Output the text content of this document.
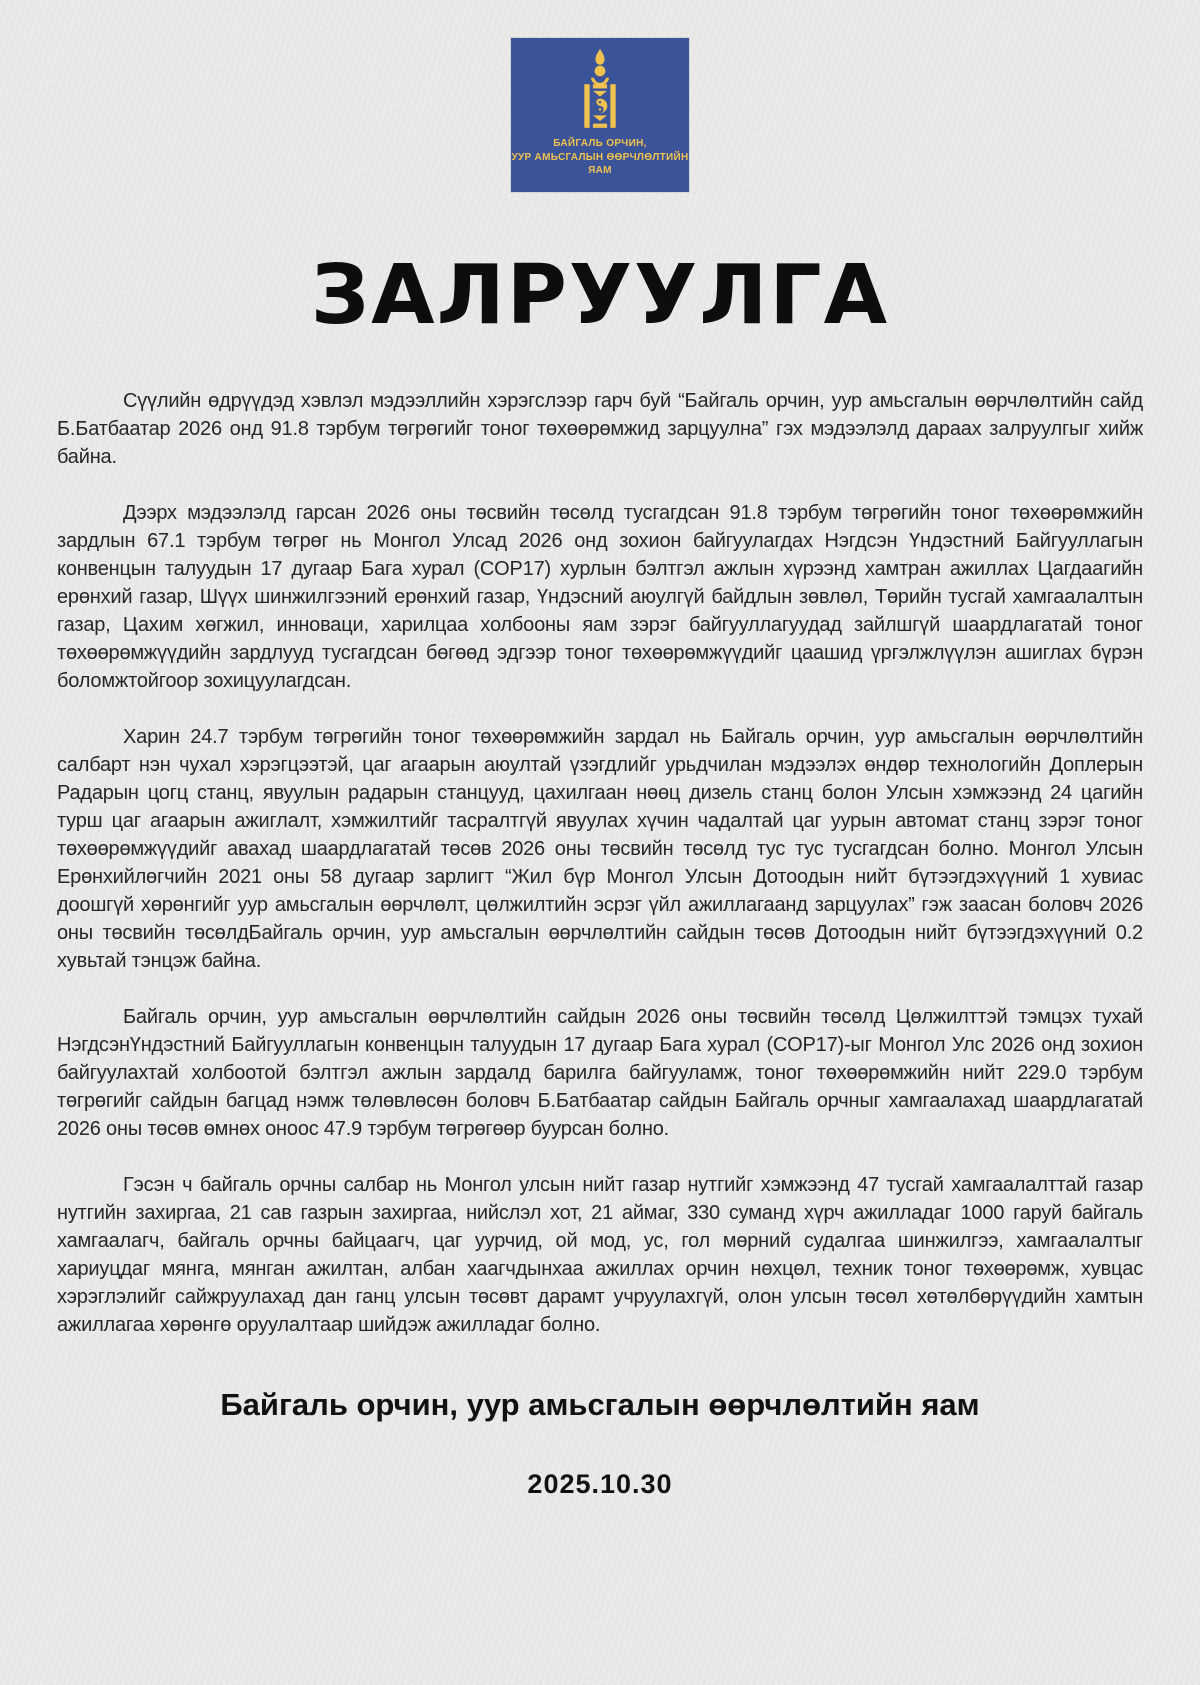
БАЙГАЛЬ ОРЧИН,
УУР АМЬСГАЛЫН ӨӨРЧЛӨЛТИЙН
ЯАМ
ЗАЛРУУЛГА

Сүүлийн өдрүүдэд хэвлэл мэдээллийн хэрэгслээр гарч буй “Байгаль орчин, уур амьсгалын өөрчлөлтийн сайд Б.Батбаатар 2026 онд 91.8 тэрбум төгрөгийг тоног төхөөрөмжид зарцуулна” гэх мэдээлэлд дараах залруулгыг хийж байна.

Дээрх мэдээлэлд гарсан 2026 оны төсвийн төсөлд тусгагдсан 91.8 тэрбум төгрөгийн тоног төхөөрөмжийн зардлын 67.1 тэрбум төгрөг нь Монгол Улсад 2026 онд зохион байгуулагдах Нэгдсэн Үндэстний Байгууллагын конвенцын талуудын 17 дугаар Бага хурал (COP17) хурлын бэлтгэл ажлын хүрээнд хамтран ажиллах Цагдаагийн ерөнхий газар, Шүүх шинжилгээний ерөнхий газар, Үндэсний аюулгүй байдлын зөвлөл, Төрийн тусгай хамгаалалтын газар, Цахим хөгжил, инноваци, харилцаа холбооны яам зэрэг байгууллагуудад зайлшгүй шаардлагатай тоног төхөөрөмжүүдийн зардлууд тусгагдсан бөгөөд эдгээр тоног төхөөрөмжүүдийг цаашид үргэлжлүүлэн ашиглах бүрэн боломжтойгоор зохицуулагдсан.

Харин 24.7 тэрбум төгрөгийн тоног төхөөрөмжийн зардал нь Байгаль орчин, уур амьсгалын өөрчлөлтийн салбарт нэн чухал хэрэгцээтэй, цаг агаарын аюултай үзэгдлийг урьдчилан мэдээлэх өндөр технологийн Доплерын Радарын цогц станц, явуулын радарын станцууд, цахилгаан нөөц дизель станц болон Улсын хэмжээнд 24 цагийн турш цаг агаарын ажиглалт, хэмжилтийг тасралтгүй явуулах хүчин чадалтай цаг уурын автомат станц зэрэг тоног төхөөрөмжүүдийг авахад шаардлагатай төсөв 2026 оны төсвийн төсөлд тус тус тусгагдсан болно. Монгол Улсын Ерөнхийлөгчийн 2021 оны 58 дугаар зарлигт “Жил бүр Монгол Улсын Дотоодын нийт бүтээгдэхүүний 1 хувиас доошгүй хөрөнгийг уур амьсгалын өөрчлөлт, цөлжилтийн эсрэг үйл ажиллагаанд зарцуулах” гэж заасан боловч 2026 оны төсвийн төсөлдБайгаль орчин, уур амьсгалын өөрчлөлтийн сайдын төсөв Дотоодын нийт бүтээгдэхүүний 0.2 хувьтай тэнцэж байна.

Байгаль орчин, уур амьсгалын өөрчлөлтийн сайдын 2026 оны төсвийн төсөлд Цөлжилттэй тэмцэх тухай НэгдсэнҮндэстний Байгууллагын конвенцын талуудын 17 дугаар Бага хурал (COP17)-ыг Монгол Улс 2026 онд зохион байгуулахтай холбоотой бэлтгэл ажлын зардалд барилга байгууламж, тоног төхөөрөмжийн нийт 229.0 тэрбум төгрөгийг сайдын багцад нэмж төлөвлөсөн боловч Б.Батбаатар сайдын Байгаль орчныг хамгаалахад шаардлагатай 2026 оны төсөв өмнөх оноос 47.9 тэрбум төгрөгөөр буурсан болно.

Гэсэн ч байгаль орчны салбар нь Монгол улсын нийт газар нутгийг хэмжээнд 47 тусгай хамгаалалттай газар нутгийн захиргаа, 21 сав газрын захиргаа, нийслэл хот, 21 аймаг, 330 суманд хүрч ажилладаг 1000 гаруй байгаль хамгаалагч, байгаль орчны байцаагч, цаг уурчид, ой мод, ус, гол мөрний судалгаа шинжилгээ, хамгаалалтыг хариуцдаг мянга, мянган ажилтан, албан хаагчдынхаа ажиллах орчин нөхцөл, техник тоног төхөөрөмж, хувцас хэрэглэлийг сайжруулахад дан ганц улсын төсөвт дарамт учруулахгүй, олон улсын төсөл хөтөлбөрүүдийн хамтын ажиллагаа хөрөнгө оруулалтаар шийдэж ажилладаг болно.

Байгаль орчин, уур амьсгалын өөрчлөлтийн яам
2025.10.30
